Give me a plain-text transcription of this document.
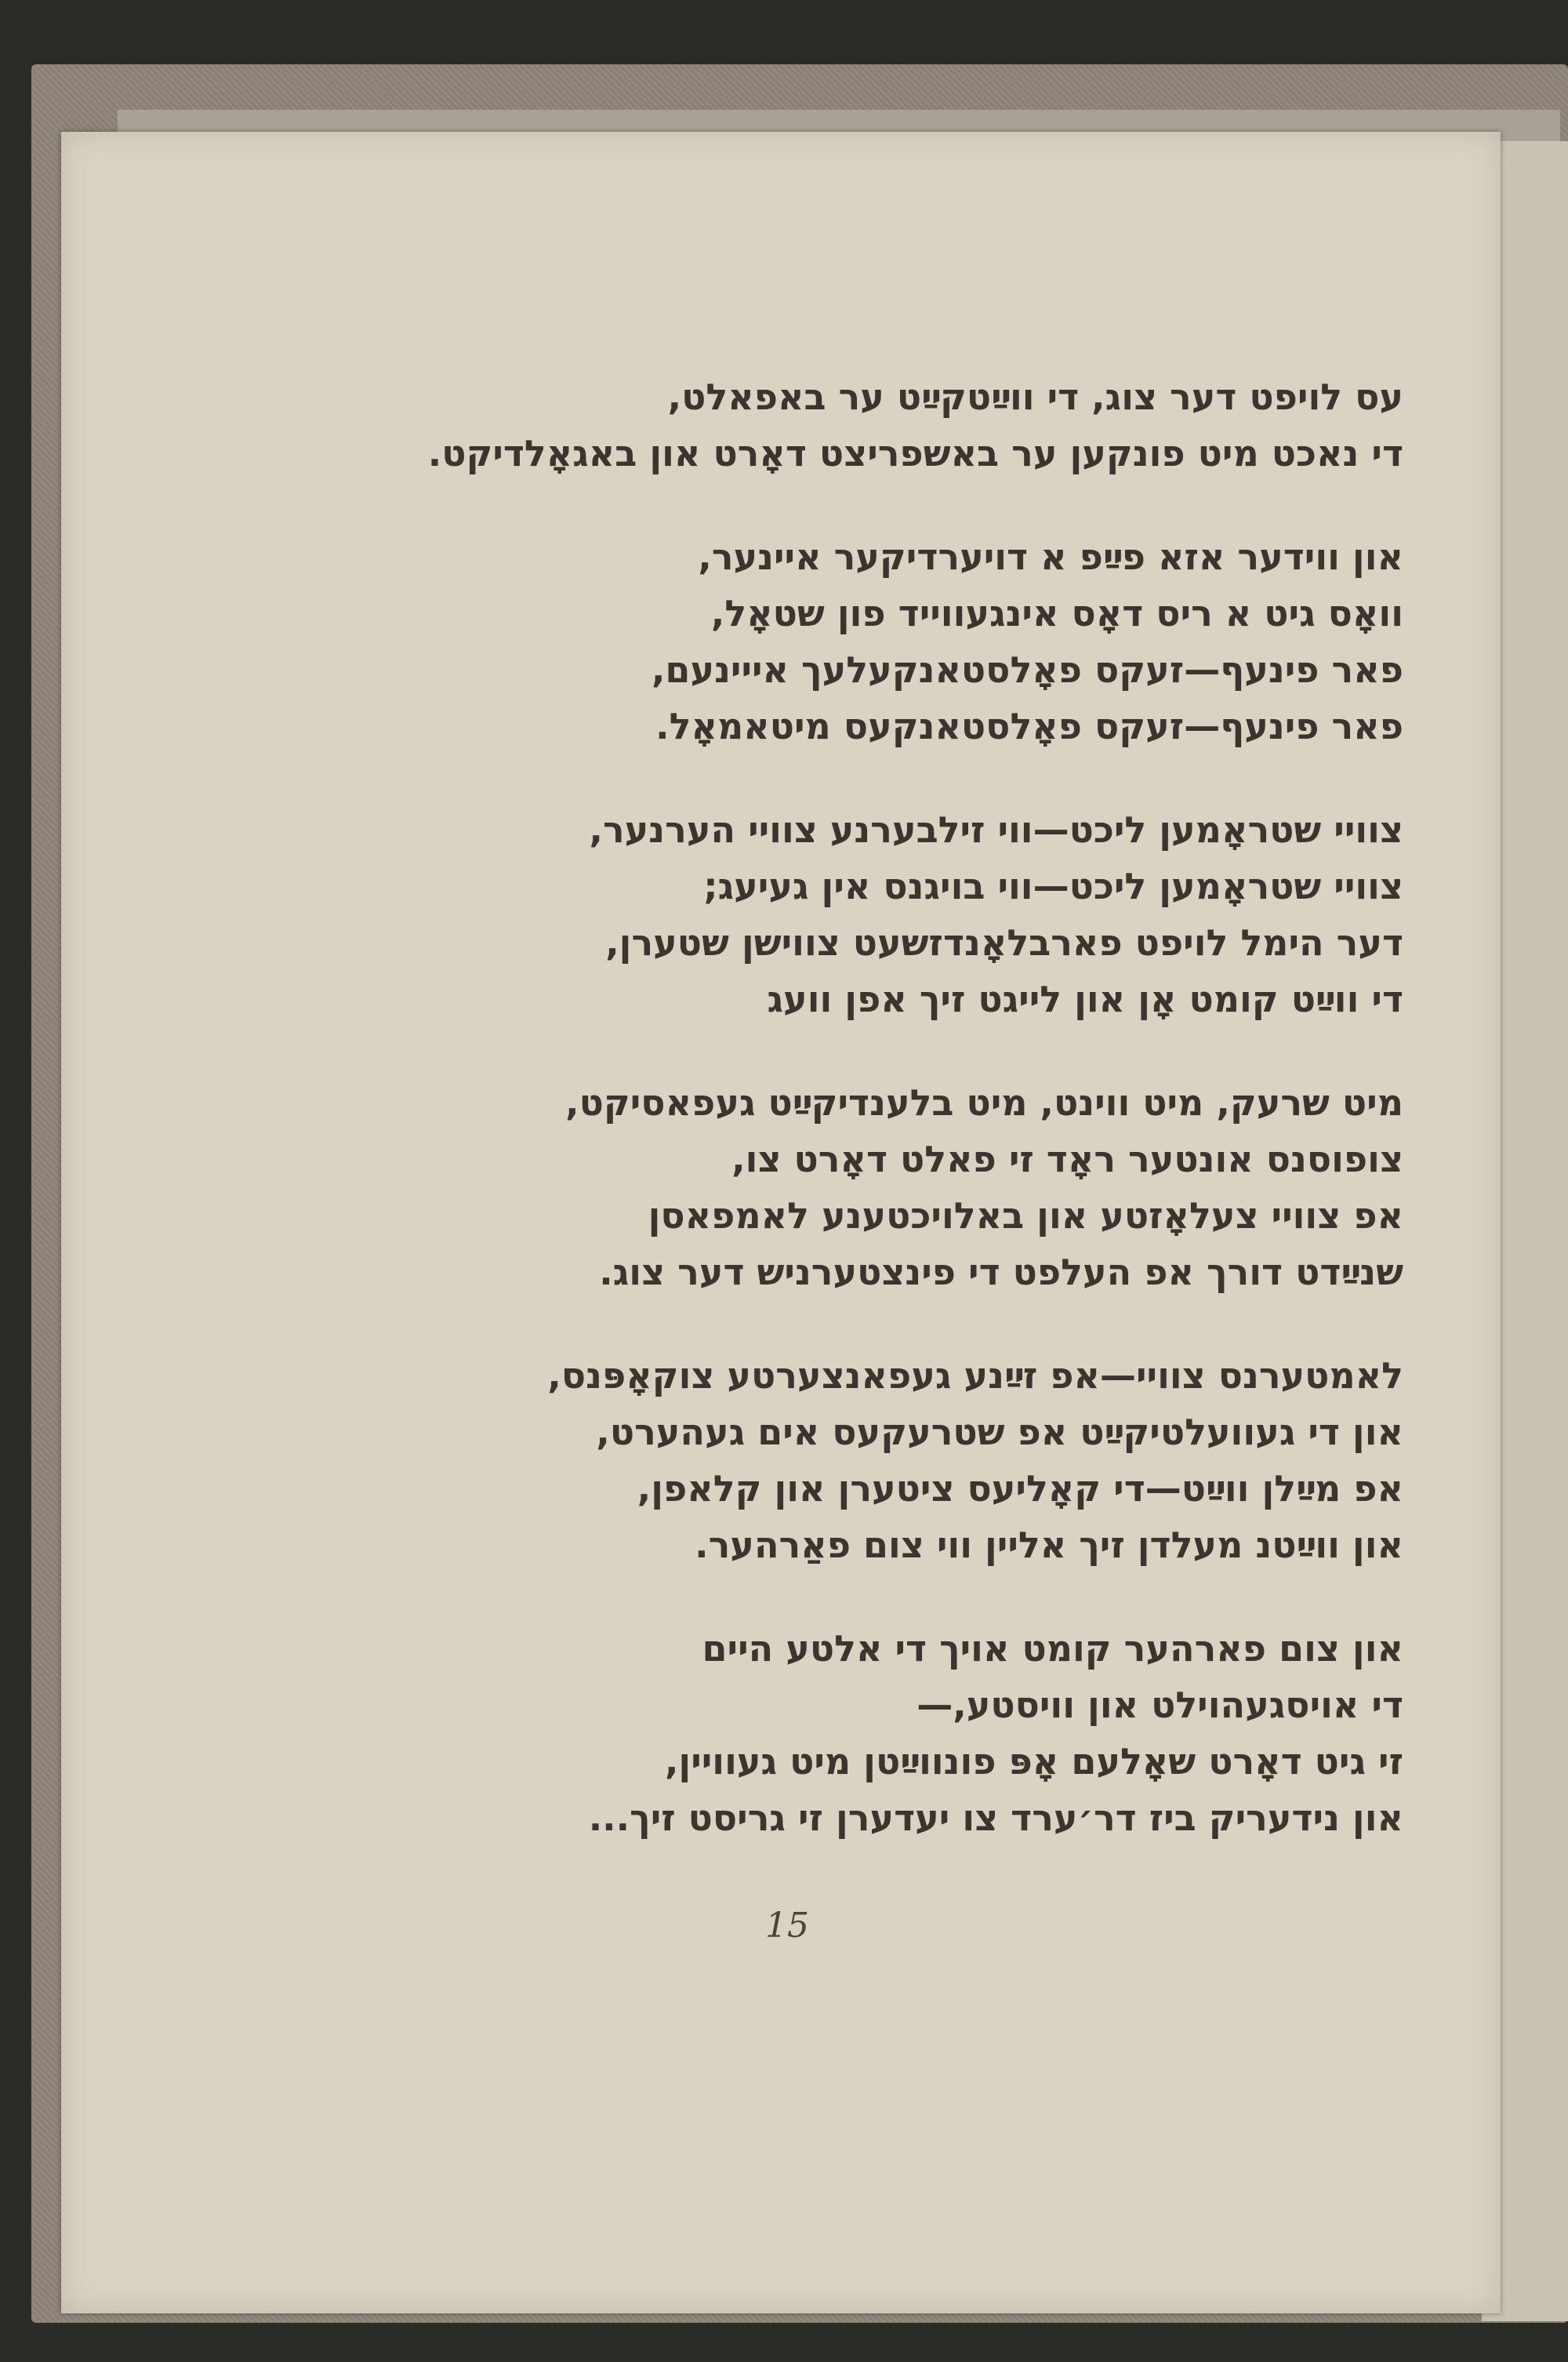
עס לויפט דער צוג, די ווײַטקײַט ער באפאלט,
די נאכט מיט פונקען ער באשפריצט דאָרט און באגאָלדיקט.
און ווידער אזא פײַפ א דויערדיקער איינער,
וואָס גיט א ריס דאָס אינגעווייד פון שטאָל,
פאר פינעף—זעקס פאָלסטאנקעלעך אייינעם,
פאר פינעף—זעקס פאָלסטאנקעס מיטאמאָל.
צוויי שטראָמען ליכט—ווי זילבערנע צוויי הערנער,
צוויי שטראָמען ליכט—ווי בויגנס אין געיעג;
דער הימל לויפט פארבלאָנדזשעט צווישן שטערן,
די ווײַט קומט אָן און לייגט זיך אפן וועג
מיט שרעק, מיט ווינט, מיט בלענדיקײַט געפאסיקט,
צופוסנס אונטער ראָד זי פאלט דאָרט צו,
אפ צוויי צעלאָזטע און באלויכטענע לאמפאסן
שנײַדט דורך אפ העלפט די פינצטערניש דער צוג.
לאמטערנס צוויי—אפ זײַנע געפאנצערטע צוקאָפּנס,
און די געוועלטיקײַט אפ שטרעקעס אים געהערט,
אפ מײַלן ווײַט—די קאָליעס ציטערן און קלאפן,
און ווײַטנ מעלדן זיך אליין ווי צום פאַרהער.
און צום פארהער קומט אויך די אלטע היים
די אויסגעהוילט און וויסטע,—
זי גיט דאָרט שאָלעם אָפּ פונווײַטן מיט געוויין,
און נידעריק ביז דר׳ערד צו יעדערן זי גריסט זיך...
15
